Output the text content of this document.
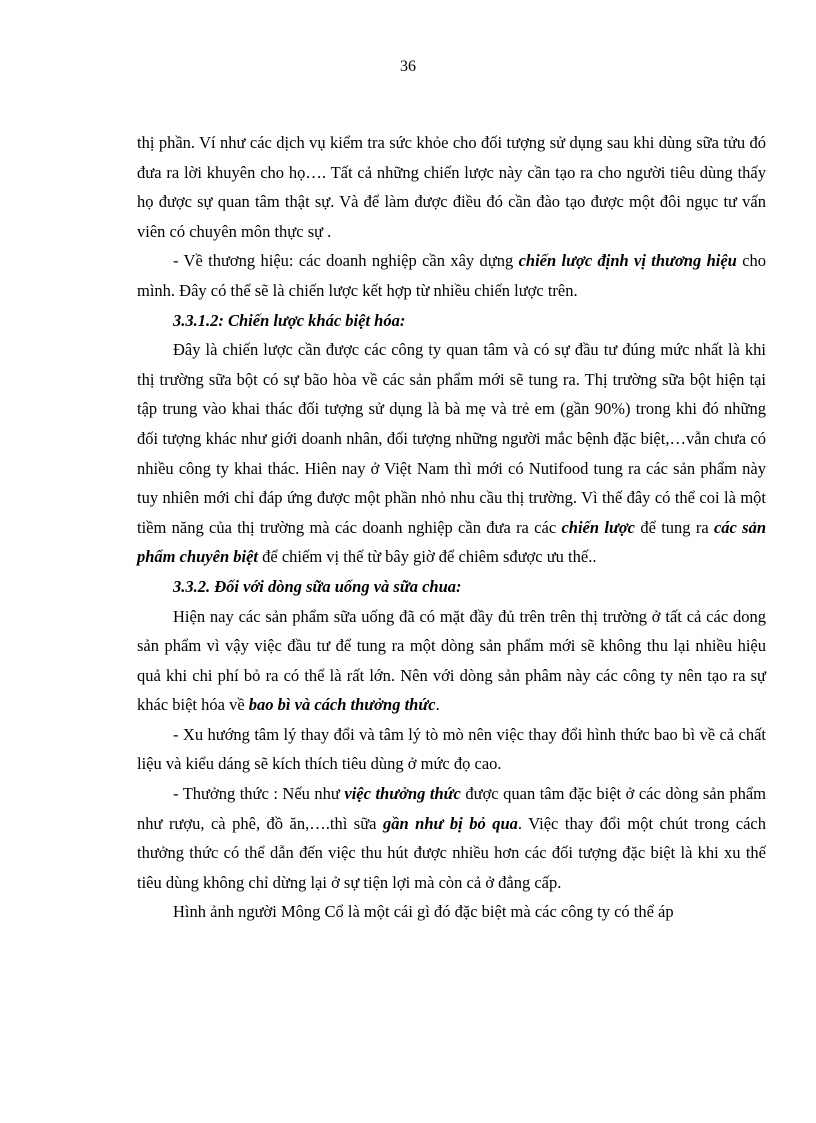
36

thị phần. Ví như các dịch vụ kiểm tra sức khỏe cho đối tượng sử dụng sau khi dùng sữa tửu đó đưa ra lời khuyên cho họ…. Tất cả những chiến lược này cần tạo ra cho người tiêu dùng thấy họ được sự quan tâm thật sự. Và để làm được điều đó cần đào tạo được một đôi ngục tư vấn viên có chuyên môn thực sự .

- Về thương hiệu: các doanh nghiệp cần xây dựng chiến lược định vị thương hiệu cho mình. Đây có thể sẽ là chiến lược kết hợp từ nhiều chiến lược trên.

3.3.1.2: Chiến lược khác biệt hóa:

Đây là chiến lược cần được các công ty quan tâm và có sự đầu tư đúng mức nhất là khi thị trường sữa bột có sự bão hòa về các sản phẩm mới sẽ tung ra. Thị trường sữa bột hiện tại tập trung vào khai thác đối tượng sử dụng là bà mẹ và trẻ em (gần 90%) trong khi đó những đối tượng khác như giới doanh nhân, đối tượng những người mắc bệnh đặc biệt,…vẫn chưa có nhiều công ty khai thác. Hiên nay ở Việt Nam thì mới có Nutifood tung ra các sản phẩm này tuy nhiên mới chỉ đáp ứng được một phần nhỏ nhu cầu thị trường. Vì thế đây có thể coi là một tiềm năng của thị trường mà các doanh nghiệp cần đưa ra các chiến lược để tung ra các sản phẩm chuyên biệt để chiếm vị thế từ bây giờ để chiêm sđược ưu thế..

3.3.2. Đối với dòng sữa uống và sữa chua:

Hiện nay các sản phẩm sữa uống đã có mặt đầy đủ trên trên thị trường ở tất cả các dong sản phẩm vì vậy việc đầu tư để tung ra một dòng sản phẩm mới sẽ không thu lại nhiều hiệu quả khi chi phí bỏ ra có thể là rất lớn. Nên với dòng sản phâm này các công ty nên tạo ra sự khác biệt hóa về bao bì và cách thưởng thức.

- Xu hướng tâm lý thay đổi và tâm lý tò mò nên việc thay đổi hình thức bao bì về cả chất liệu và kiểu dáng sẽ kích thích tiêu dùng ở mức đọ cao.

- Thưởng thức : Nếu như việc thưởng thức được quan tâm đặc biệt ở các dòng sản phẩm như rượu, cà phê, đồ ăn,….thì sữa gần như bị bỏ qua. Việc thay đổi một chút trong cách thưởng thức có thể dẫn đến việc thu hút được nhiều hơn các đối tượng đặc biệt là khi xu thế tiêu dùng không chỉ dừng lại ở sự tiện lợi mà còn cả ở đẳng cấp.

Hình ảnh người Mông Cổ là một cái gì đó đặc biệt mà các công ty có thể áp
